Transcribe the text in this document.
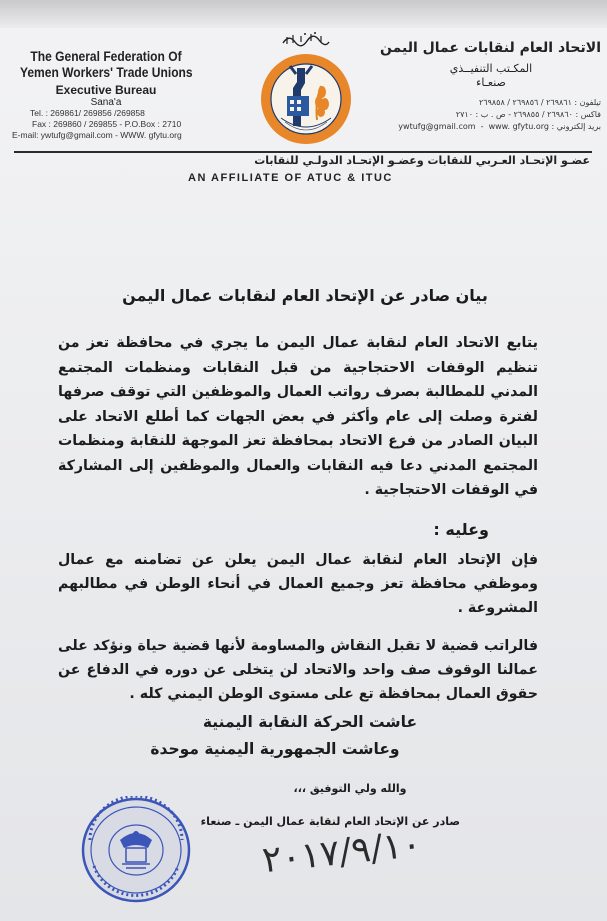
The General Federation Of
Yemen Workers' Trade Unions
Executive Bureau
Sana'a
Tel. : 269861/ 269856 /269858
Fax : 269860 / 269855 - P.O.Box : 2710
E-mail: ywtufg@gmail.com - WWW. gfytu.org
الاتحاد العام لنقابات عمال اليمن
المكـتب التنفيــذي
صنعـاء
تيلفون : ٢٦٩٨٦١ / ٢٦٩٨٥٦ / ٢٦٩٨٥٨
فاكس : ٢٦٩٨٦٠ / ٢٦٩٨٥٥ - ص . ب : ٢٧١٠
بريد إلكتروني : ywtufg@gmail.com  -  www. gfytu.org
عضـو الإتحـاد العـربي للنقابات وعضـو الإتحـاد الدولـي للنقابات
AN AFFILIATE OF ATUC & ITUC
بيان صادر عن الإتحاد العام لنقابات عمال اليمن
يتابع الاتحاد العام لنقابة عمال اليمن ما يجري في محافظة تعز من تنظيم الوقفات الاحتجاجية من قبل النقابات ومنظمات المجتمع المدني للمطالبة بصرف رواتب العمال والموظفين التي توقف صرفها لفترة وصلت إلى عام وأكثر في بعض الجهات كما أطلع الاتحاد على البيان الصادر من فرع الاتحاد بمحافظة تعز الموجهة للنقابة ومنظمات المجتمع المدني دعا فيه النقابات والعمال والموظفين إلى المشاركة في الوقفات الاحتجاجية .
وعليه :
فإن الإتحاد العام لنقابة عمال اليمن يعلن عن تضامنه مع عمال وموظفي محافظة تعز وجميع العمال في أنحاء الوطن في مطالبهم المشروعة .
فالراتب قضية لا تقبل النقاش والمساومة لأنها قضية حياة ونؤكد على عمالنا الوقوف صف واحد والاتحاد لن يتخلى عن دوره في الدفاع عن حقوق العمال بمحافظة تع على مستوى الوطن اليمني كله .
عاشت الحركة النقابة اليمنية
وعاشت الجمهورية اليمنية موحدة
والله ولي التوفيق ،،،
صادر عن الإتحاد العام لنقابة عمال اليمن ـ صنعاء
٢٠١٧/٩/١٠
